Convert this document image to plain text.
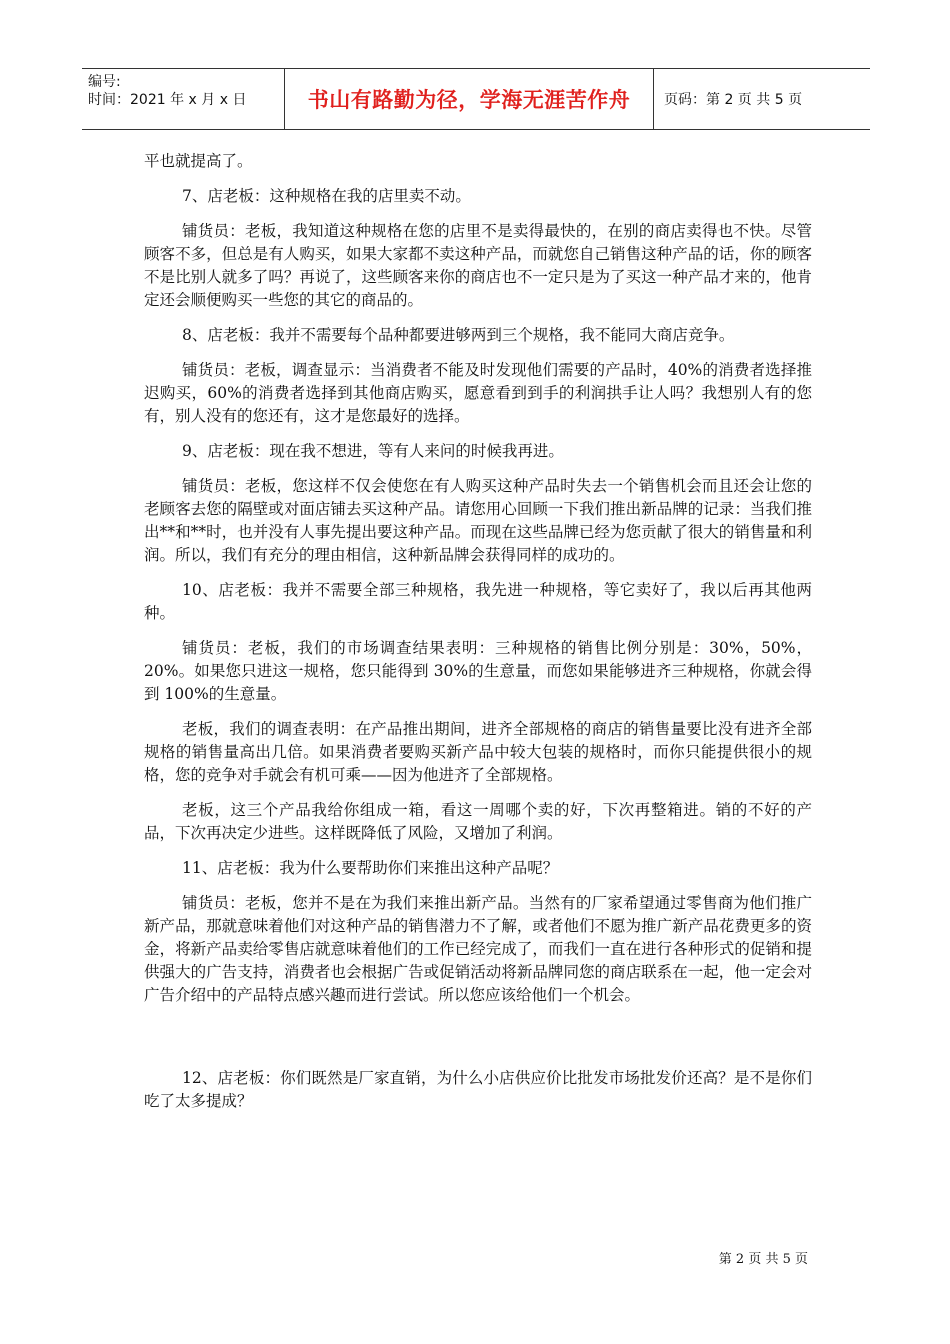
编号:
时间：2021 年 x 月 x 日	书山有路勤为径，学海无涯苦作舟	页码：第 2 页 共 5 页

平也就提高了。

7、店老板：这种规格在我的店里卖不动。

铺货员：老板，我知道这种规格在您的店里不是卖得最快的，在别的商店卖得也不快。尽管顾客不多，但总是有人购买，如果大家都不卖这种产品，而就您自己销售这种产品的话，你的顾客不是比别人就多了吗？再说了，这些顾客来你的商店也不一定只是为了买这一种产品才来的，他肯定还会顺便购买一些您的其它的商品的。

8、店老板：我并不需要每个品种都要进够两到三个规格，我不能同大商店竞争。

铺货员：老板，调查显示：当消费者不能及时发现他们需要的产品时，40%的消费者选择推迟购买，60%的消费者选择到其他商店购买，愿意看到到手的利润拱手让人吗？我想别人有的您有，别人没有的您还有，这才是您最好的选择。

9、店老板：现在我不想进，等有人来问的时候我再进。

铺货员：老板，您这样不仅会使您在有人购买这种产品时失去一个销售机会而且还会让您的老顾客去您的隔壁或对面店铺去买这种产品。请您用心回顾一下我们推出新品牌的记录：当我们推出**和**时，也并没有人事先提出要这种产品。而现在这些品牌已经为您贡献了很大的销售量和利润。所以，我们有充分的理由相信，这种新品牌会获得同样的成功的。

10、店老板：我并不需要全部三种规格，我先进一种规格，等它卖好了，我以后再其他两种。

铺货员：老板，我们的市场调查结果表明：三种规格的销售比例分别是：30%，50%，20%。如果您只进这一规格，您只能得到 30%的生意量，而您如果能够进齐三种规格，你就会得到 100%的生意量。

老板，我们的调查表明：在产品推出期间，进齐全部规格的商店的销售量要比没有进齐全部规格的销售量高出几倍。如果消费者要购买新产品中较大包装的规格时，而你只能提供很小的规格，您的竞争对手就会有机可乘——因为他进齐了全部规格。

老板，这三个产品我给你组成一箱，看这一周哪个卖的好，下次再整箱进。销的不好的产品，下次再决定少进些。这样既降低了风险，又增加了利润。

11、店老板：我为什么要帮助你们来推出这种产品呢？

铺货员：老板，您并不是在为我们来推出新产品。当然有的厂家希望通过零售商为他们推广新产品，那就意味着他们对这种产品的销售潜力不了解，或者他们不愿为推广新产品花费更多的资金，将新产品卖给零售店就意味着他们的工作已经完成了，而我们一直在进行各种形式的促销和提供强大的广告支持，消费者也会根据广告或促销活动将新品牌同您的商店联系在一起，他一定会对广告介绍中的产品特点感兴趣而进行尝试。所以您应该给他们一个机会。

12、店老板：你们既然是厂家直销，为什么小店供应价比批发市场批发价还高？是不是你们吃了太多提成？

第 2 页 共 5 页
